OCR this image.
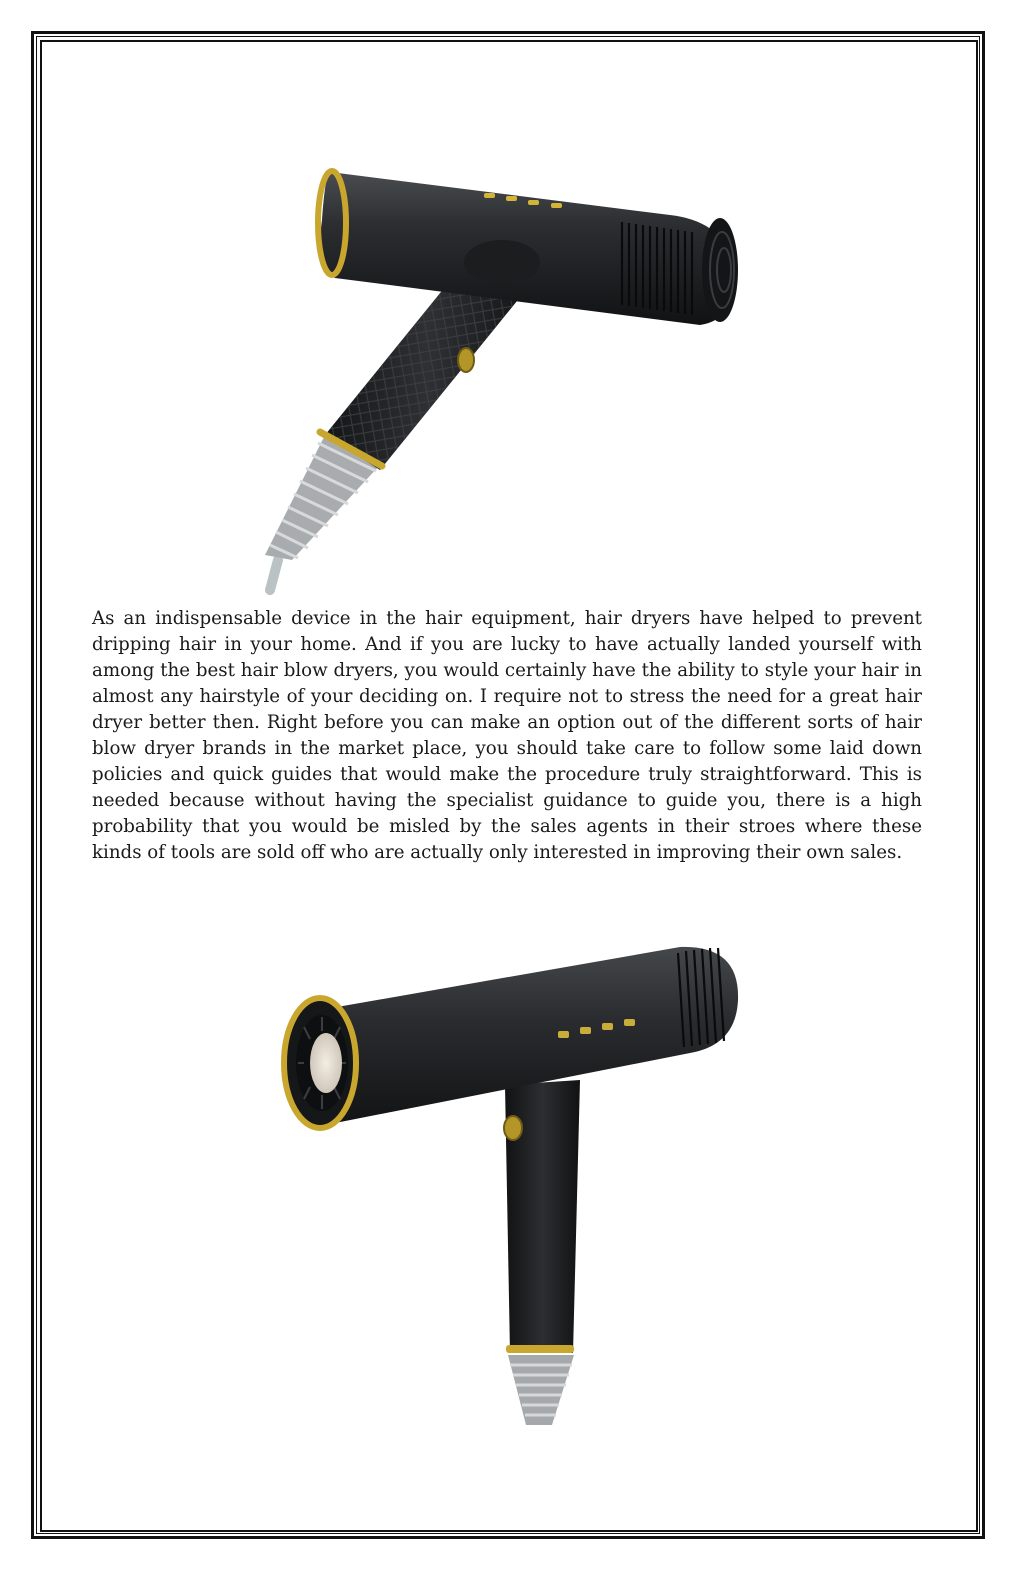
As an indispensable device in the hair equipment, hair dryers have helped to prevent dripping hair in your home. And if you are lucky to have actually landed yourself with among the best hair blow dryers, you would certainly have the ability to style your hair in almost any hairstyle of your deciding on. I require not to stress the need for a great hair dryer better then. Right before you can make an option out of the different sorts of hair blow dryer brands in the market place, you should take care to follow some laid down policies and quick guides that would make the procedure truly straightforward. This is needed because without having the specialist guidance to guide you, there is a high probability that you would be misled by the sales agents in their stroes where these kinds of tools are sold off who are actually only interested in improving their own sales.
